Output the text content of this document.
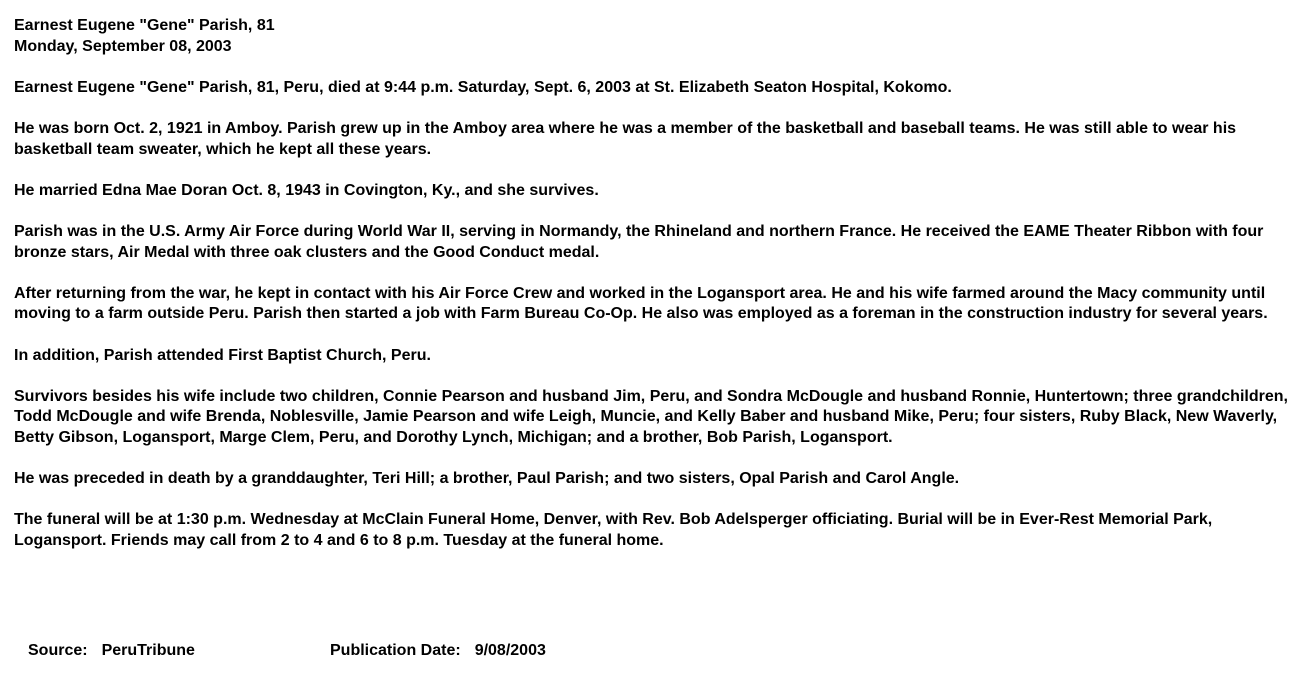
Earnest Eugene "Gene" Parish, 81

Monday, September 08, 2003

Earnest Eugene "Gene" Parish, 81, Peru, died at 9:44 p.m. Saturday, Sept. 6, 2003 at St. Elizabeth Seaton Hospital, Kokomo.

He was born Oct. 2, 1921 in Amboy. Parish grew up in the Amboy area where he was a member of the basketball and baseball teams. He was still able to wear his basketball team sweater, which he kept all these years.

He married Edna Mae Doran Oct. 8, 1943 in Covington, Ky., and she survives.

Parish was in the U.S. Army Air Force during World War II, serving in Normandy, the Rhineland and northern France. He received the EAME Theater Ribbon with four bronze stars, Air Medal with three oak clusters and the Good Conduct medal.

After returning from the war, he kept in contact with his Air Force Crew and worked in the Logansport area. He and his wife farmed around the Macy community until moving to a farm outside Peru. Parish then started a job with Farm Bureau Co-Op. He also was employed as a foreman in the construction industry for several years.

In addition, Parish attended First Baptist Church, Peru.

Survivors besides his wife include two children, Connie Pearson and husband Jim, Peru, and Sondra McDougle and husband Ronnie, Huntertown; three grandchildren, Todd McDougle and wife Brenda, Noblesville, Jamie Pearson and wife Leigh, Muncie, and Kelly Baber and husband Mike, Peru; four sisters, Ruby Black, New Waverly, Betty Gibson, Logansport, Marge Clem, Peru, and Dorothy Lynch, Michigan; and a brother, Bob Parish, Logansport.

He was preceded in death by a granddaughter, Teri Hill; a brother, Paul Parish; and two sisters, Opal Parish and Carol Angle.

The funeral will be at 1:30 p.m. Wednesday at McClain Funeral Home, Denver, with Rev. Bob Adelsperger officiating. Burial will be in Ever-Rest Memorial Park, Logansport. Friends may call from 2 to 4 and 6 to 8 p.m. Tuesday at the funeral home.

Source: PeruTribune	Publication Date: 9/08/2003
